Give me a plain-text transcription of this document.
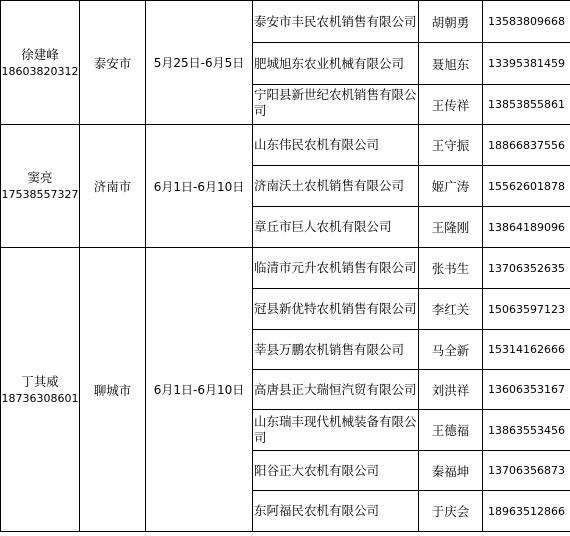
徐建峰
18603820312	泰安市	5月25日-6月5日	泰安市丰民农机销售有限公司	胡朝勇	13583809668
			肥城旭东农业机械有限公司	聂旭东	13395381459
			宁阳县新世纪农机销售有限公司	王传祥	13853855861

窦亮
17538557327	济南市	6月1日-6月10日	山东伟民农机有限公司	王守振	18866837556
			济南沃土农机销售有限公司	姬广涛	15562601878
			章丘市巨人农机有限公司	王隆刚	13864189096

丁其威
18736308601	聊城市	6月1日-6月10日	临清市元升农机销售有限公司	张书生	13706352635
			冠县新优特农机销售有限公司	李红关	15063597123
			莘县万鹏农机销售有限公司	马全新	15314162666
			高唐县正大瑞恒汽贸有限公司	刘洪祥	13606353167
			山东瑞丰现代机械装备有限公司	王德福	13863553456
			阳谷正大农机有限公司	秦福坤	13706356873
			东阿福民农机有限公司	于庆会	18963512866
